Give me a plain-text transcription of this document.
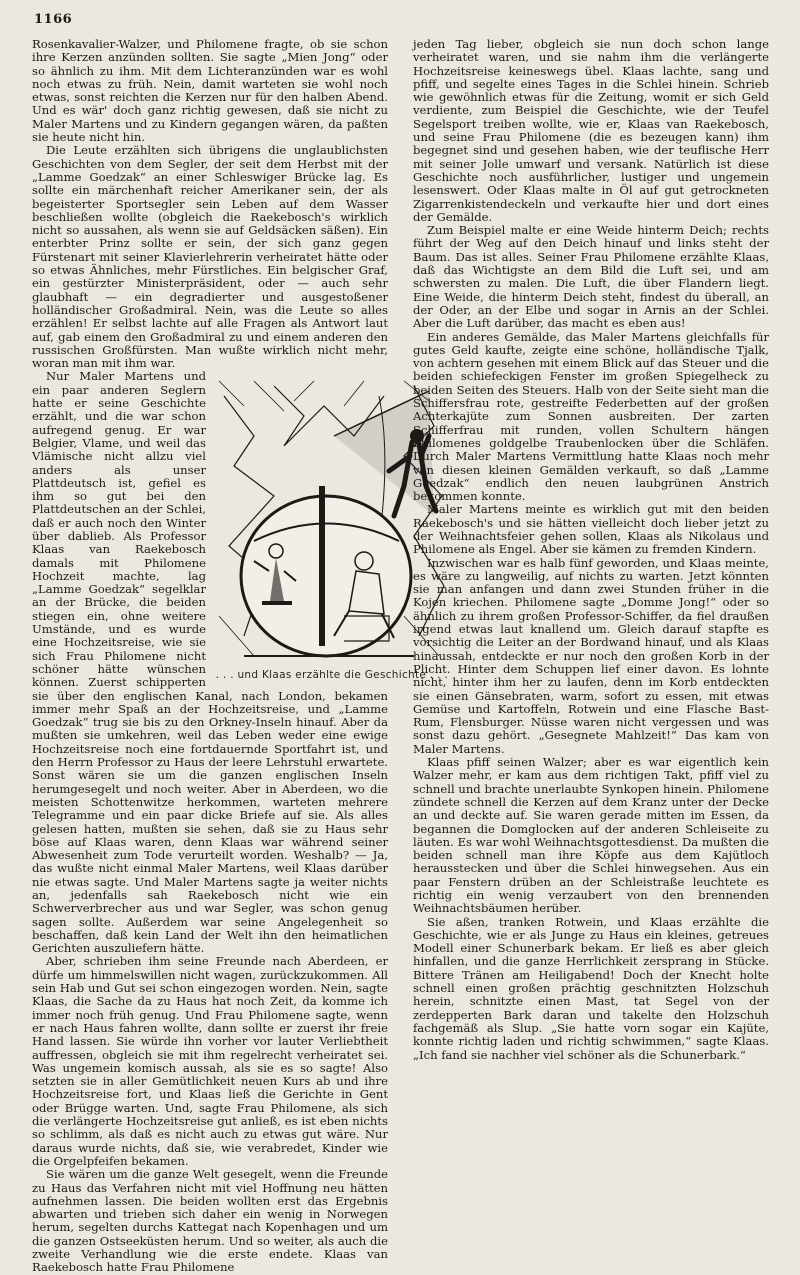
1166

Rosenkavalier-Walzer, und Philomene fragte, ob sie schon ihre Kerzen anzünden sollten. Sie sagte „Mien Jong“ oder so ähnlich zu ihm. Mit dem Lichteranzünden war es wohl noch etwas zu früh. Nein, damit warteten sie wohl noch etwas, sonst reichten die Kerzen nur für den halben Abend. Und es wär' doch ganz richtig gewesen, daß sie nicht zu Maler Martens und zu Kindern gegangen wären, da paßten sie heute nicht hin.

Die Leute erzählten sich übrigens die unglaublichsten Geschichten von dem Segler, der seit dem Herbst mit der „Lamme Goedzak“ an einer Schleswiger Brücke lag. Es sollte ein märchenhaft reicher Amerikaner sein, der als begeisterter Sportsegler sein Leben auf dem Wasser beschließen wollte (obgleich die Raekebosch's wirklich nicht so aussahen, als wenn sie auf Geldsäcken säßen). Ein enterbter Prinz sollte er sein, der sich ganz gegen Fürstenart mit seiner Klavierlehrerin verheiratet hätte oder so etwas Ähnliches, mehr Fürstliches. Ein belgischer Graf, ein gestürzter Ministerpräsident, oder — auch sehr glaubhaft — ein degradierter und ausgestoßener holländischer Großadmiral. Nein, was die Leute so alles erzählen! Er selbst lachte auf alle Fragen als Antwort laut auf, gab einem den Großadmiral zu und einem anderen den russischen Großfürsten. Man wußte wirklich nicht mehr, woran man mit ihm war.

. . . und Klaas erzählte die Geschichte . . .

Nur Maler Martens und ein paar anderen Seglern hatte er seine Geschichte erzählt, und die war schon aufregend genug. Er war Belgier, Vlame, und weil das Vlämische nicht allzu viel anders als unser Plattdeutsch ist, gefiel es ihm so gut bei den Plattdeutschen an der Schlei, daß er auch noch den Winter über dablieb. Als Professor Klaas van Raekebosch damals mit Philomene Hochzeit machte, lag „Lamme Goedzak“ segelklar an der Brücke, die beiden stiegen ein, ohne weitere Umstände, und es wurde eine Hochzeitsreise, wie sie sich Frau Philomene nicht schöner hätte wünschen können. Zuerst schipperten sie über den englischen Kanal, nach London, bekamen immer mehr Spaß an der Hochzeitsreise, und „Lamme Goedzak“ trug sie bis zu den Orkney-Inseln hinauf. Aber da mußten sie umkehren, weil das Leben weder eine ewige Hochzeitsreise noch eine fortdauernde Sportfahrt ist, und den Herrn Professor zu Haus der leere Lehrstuhl erwartete. Sonst wären sie um die ganzen englischen Inseln herumgesegelt und noch weiter. Aber in Aberdeen, wo die meisten Schottenwitze herkommen, warteten mehrere Telegramme und ein paar dicke Briefe auf sie. Als alles gelesen hatten, mußten sie sehen, daß sie zu Haus sehr böse auf Klaas waren, denn Klaas war während seiner Abwesenheit zum Tode verurteilt worden. Weshalb? — Ja, das wußte nicht einmal Maler Martens, weil Klaas darüber nie etwas sagte. Und Maler Martens sagte ja weiter nichts an, jedenfalls sah Raekebosch nicht wie ein Schwerverbrecher aus und war Segler, was schon genug sagen sollte. Außerdem war seine Angelegenheit so beschaffen, daß kein Land der Welt ihn den heimatlichen Gerichten auszuliefern hätte.

Aber, schrieben ihm seine Freunde nach Aberdeen, er dürfe um himmelswillen nicht wagen, zurückzukommen. All sein Hab und Gut sei schon eingezogen worden. Nein, sagte Klaas, die Sache da zu Haus hat noch Zeit, da komme ich immer noch früh genug. Und Frau Philomene sagte, wenn er nach Haus fahren wollte, dann sollte er zuerst ihr freie Hand lassen. Sie würde ihn vorher vor lauter Verliebtheit auffressen, obgleich sie mit ihm regelrecht verheiratet sei. Was ungemein komisch aussah, als sie es so sagte! Also setzten sie in aller Gemütlichkeit neuen Kurs ab und ihre Hochzeitsreise fort, und Klaas ließ die Gerichte in Gent oder Brügge warten. Und, sagte Frau Philomene, als sich die verlängerte Hochzeitsreise gut anließ, es ist eben nichts so schlimm, als daß es nicht auch zu etwas gut wäre. Nur daraus wurde nichts, daß sie, wie verabredet, Kinder wie die Orgelpfeifen bekamen.

Sie wären um die ganze Welt gesegelt, wenn die Freunde zu Haus das Verfahren nicht mit viel Hoffnung neu hätten aufnehmen lassen. Die beiden wollten erst das Ergebnis abwarten und trieben sich daher ein wenig in Norwegen herum, segelten durchs Kattegat nach Kopenhagen und um die ganzen Ostseeküsten herum. Und so weiter, als auch die zweite Verhandlung wie die erste endete. Klaas van Raekebosch hatte Frau Philomene

jeden Tag lieber, obgleich sie nun doch schon lange verheiratet waren, und sie nahm ihm die verlängerte Hochzeitsreise keineswegs übel. Klaas lachte, sang und pfiff, und segelte eines Tages in die Schlei hinein. Schrieb wie gewöhnlich etwas für die Zeitung, womit er sich Geld verdiente, zum Beispiel die Geschichte, wie der Teufel Segelsport treiben wollte, wie er, Klaas van Raekebosch, und seine Frau Philomene (die es bezeugen kann) ihm begegnet sind und gesehen haben, wie der teuflische Herr mit seiner Jolle umwarf und versank. Natürlich ist diese Geschichte noch ausführlicher, lustiger und ungemein lesenswert. Oder Klaas malte in Öl auf gut getrockneten Zigarrenkistendeckeln und verkaufte hier und dort eines der Gemälde.

Zum Beispiel malte er eine Weide hinterm Deich; rechts führt der Weg auf den Deich hinauf und links steht der Baum. Das ist alles. Seiner Frau Philomene erzählte Klaas, daß das Wichtigste an dem Bild die Luft sei, und am schwersten zu malen. Die Luft, die über Flandern liegt. Eine Weide, die hinterm Deich steht, findest du überall, an der Oder, an der Elbe und sogar in Arnis an der Schlei. Aber die Luft darüber, das macht es eben aus!

Ein anderes Gemälde, das Maler Martens gleichfalls für gutes Geld kaufte, zeigte eine schöne, holländische Tjalk, von achtern gesehen mit einem Blick auf das Steuer und die beiden schiefeckigen Fenster im großen Spiegelheck zu beiden Seiten des Steuers. Halb von der Seite sieht man die Schiffersfrau rote, gestreifte Federbetten auf der großen Achterkajüte zum Sonnen ausbreiten. Der zarten Schifferfrau mit runden, vollen Schultern hängen Philomenes goldgelbe Traubenlocken über die Schläfen. Durch Maler Martens Vermittlung hatte Klaas noch mehr von diesen kleinen Gemälden verkauft, so daß „Lamme Goedzak“ endlich den neuen laubgrünen Anstrich bekommen konnte.

Maler Martens meinte es wirklich gut mit den beiden Raekebosch's und sie hätten vielleicht doch lieber jetzt zu der Weihnachtsfeier gehen sollen, Klaas als Nikolaus und Philomene als Engel. Aber sie kämen zu fremden Kindern.

Inzwischen war es halb fünf geworden, und Klaas meinte, es wäre zu langweilig, auf nichts zu warten. Jetzt könnten sie man anfangen und dann zwei Stunden früher in die Kojen kriechen. Philomene sagte „Domme Jong!“ oder so ähnlich zu ihrem großen Professor-Schiffer, da fiel draußen irgend etwas laut knallend um. Gleich darauf stapfte es vorsichtig die Leiter an der Bordwand hinauf, und als Klaas hinaussah, entdeckte er nur noch den großen Korb in der Plicht. Hinter dem Schuppen lief einer davon. Es lohnte nicht, hinter ihm her zu laufen, denn im Korb entdeckten sie einen Gänsebraten, warm, sofort zu essen, mit etwas Gemüse und Kartoffeln, Rotwein und eine Flasche Bast-Rum, Flensburger. Nüsse waren nicht vergessen und was sonst dazu gehört. „Gesegnete Mahlzeit!“ Das kam von Maler Martens.

Klaas pfiff seinen Walzer; aber es war eigentlich kein Walzer mehr, er kam aus dem richtigen Takt, pfiff viel zu schnell und brachte unerlaubte Synkopen hinein. Philomene zündete schnell die Kerzen auf dem Kranz unter der Decke an und deckte auf. Sie waren gerade mitten im Essen, da begannen die Domglocken auf der anderen Schleiseite zu läuten. Es war wohl Weihnachtsgottesdienst. Da mußten die beiden schnell man ihre Köpfe aus dem Kajütloch herausstecken und über die Schlei hinwegsehen. Aus ein paar Fenstern drüben an der Schleistraße leuchtete es richtig ein wenig verzaubert von den brennenden Weihnachtsbäumen herüber.

Sie aßen, tranken Rotwein, und Klaas erzählte die Geschichte, wie er als Junge zu Haus ein kleines, getreues Modell einer Schunerbark bekam. Er ließ es aber gleich hinfallen, und die ganze Herrlichkeit zersprang in Stücke. Bittere Tränen am Heiligabend! Doch der Knecht holte schnell einen großen prächtig geschnitzten Holzschuh herein, schnitzte einen Mast, tat Segel von der zerdepperten Bark daran und takelte den Holzschuh fachgemäß als Slup. „Sie hatte vorn sogar ein Kajüte, konnte richtig laden und richtig schwimmen,“ sagte Klaas. „Ich fand sie nachher viel schöner als die Schunerbark.“
